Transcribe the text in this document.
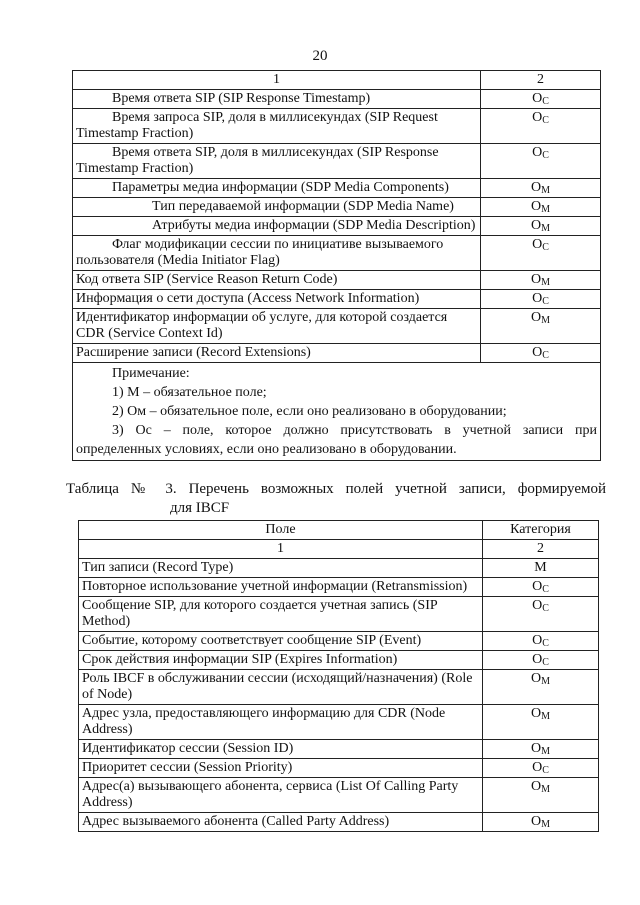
20
1	2

Время ответа SIP (SIP Response Timestamp)	$O_C$

Время запроса SIP, доля в миллисекундах (SIP Request Timestamp Fraction)	$O_C$

Время ответа SIP, доля в миллисекундах (SIP Response Timestamp Fraction)	$O_C$

Параметры медиа информации (SDP Media Components)	$O_M$

Тип передаваемой информации (SDP Media Name)	$O_M$

Атрибуты медиа информации (SDP Media Description)	$O_M$

Флаг модификации сессии по инициативе вызываемого пользователя (Media Initiator Flag)	$O_C$
Код ответа SIP (Service Reason Return Code)	$O_M$
Информация о сети доступа (Access Network Information)	$O_C$
Идентификатор информации об услуге, для которой создается CDR (Service Context Id)	$O_M$
Расширение записи (Record Extensions)	$O_C$

Примечание:
1) М – обязательное поле;
2) Ом – обязательное поле, если оно реализовано в оборудовании;
3) Ос – поле, которое должно присутствовать в учетной записи при определенных условиях, если оно реализовано в оборудовании.	
Таблица № 3. Перечень возможных полей учетной записи, формируемой
для IBCF
Поле	Категория
1	2
Тип записи (Record Type)	M
Повторное использование учетной информации (Retransmission)	$O_C$
Сообщение SIP, для которого создается учетная запись (SIP Method)	$O_C$
Событие, которому соответствует сообщение SIP (Event)	$O_C$
Срок действия информации SIP (Expires Information)	$O_C$
Роль IBCF в обслуживании сессии (исходящий/назначения) (Role of Node)	$O_M$
Адрес узла, предоставляющего информацию для CDR (Node Address)	$O_M$
Идентификатор сессии (Session ID)	$O_M$
Приоритет сессии (Session Priority)	$O_C$
Адрес(а) вызывающего абонента, сервиса (List Of Calling Party Address)	$O_M$
Адрес вызываемого абонента (Called Party Address)	$O_M$
